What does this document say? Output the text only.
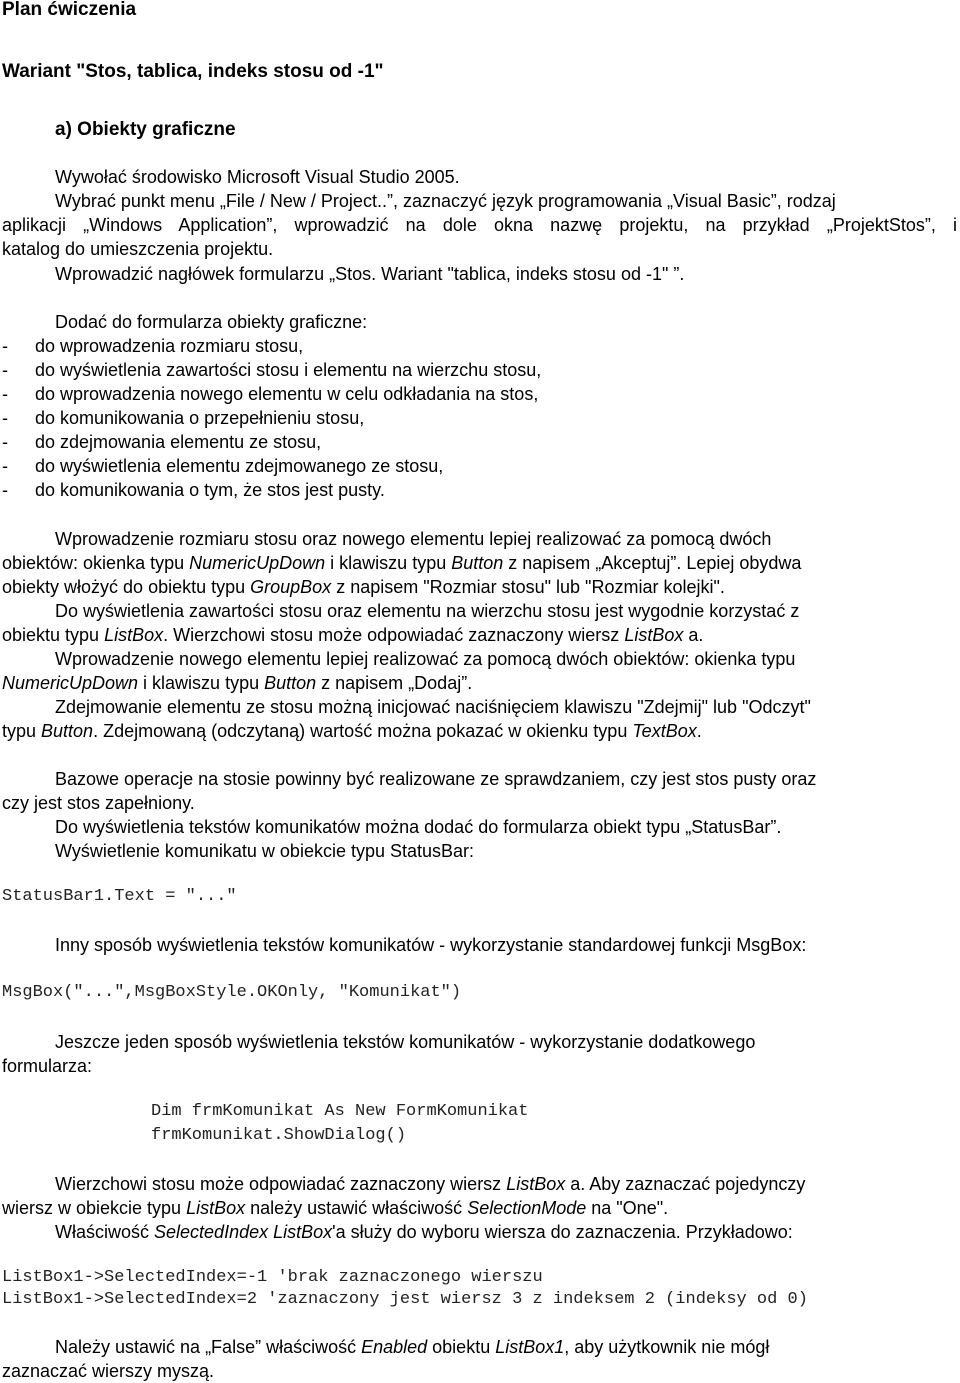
Plan ćwiczenia
Wariant "Stos, tablica, indeks stosu od -1"
a) Obiekty graficzne
Wywołać środowisko Microsoft Visual Studio 2005.
Wybrać punkt menu „File / New / Project..”, zaznaczyć język programowania „Visual Basic”, rodzaj
aplikacji „Windows Application”, wprowadzić na dole okna nazwę projektu, na przykład „ProjektStos”, i
katalog do umieszczenia projektu.
Wprowadzić nagłówek formularzu „Stos. Wariant "tablica, indeks stosu od -1" ”.
Dodać do formularza obiekty graficzne:
- do wprowadzenia rozmiaru stosu,
- do wyświetlenia zawartości stosu i elementu na wierzchu stosu,
- do wprowadzenia nowego elementu w celu odkładania na stos,
- do komunikowania o przepełnieniu stosu,
- do zdejmowania elementu ze stosu,
- do wyświetlenia elementu zdejmowanego ze stosu,
- do komunikowania o tym, że stos jest pusty.
Wprowadzenie rozmiaru stosu oraz nowego elementu lepiej realizować za pomocą dwóch
obiektów: okienka typu NumericUpDown i klawiszu typu Button z napisem „Akceptuj”. Lepiej obydwa
obiekty włożyć do obiektu typu GroupBox z napisem "Rozmiar stosu" lub "Rozmiar kolejki".
Do wyświetlenia zawartości stosu oraz elementu na wierzchu stosu jest wygodnie korzystać z
obiektu typu ListBox. Wierzchowi stosu może odpowiadać zaznaczony wiersz ListBox a.
Wprowadzenie nowego elementu lepiej realizować za pomocą dwóch obiektów: okienka typu
NumericUpDown i klawiszu typu Button z napisem „Dodaj”.
Zdejmowanie elementu ze stosu możną inicjować naciśnięciem klawiszu "Zdejmij" lub "Odczyt"
typu Button. Zdejmowaną (odczytaną) wartość można pokazać w okienku typu TextBox.
Bazowe operacje na stosie powinny być realizowane ze sprawdzaniem, czy jest stos pusty oraz
czy jest stos zapełniony.
Do wyświetlenia tekstów komunikatów można dodać do formularza obiekt typu „StatusBar”.
Wyświetlenie komunikatu w obiekcie typu StatusBar:
StatusBar1.Text = "..."
Inny sposób wyświetlenia tekstów komunikatów - wykorzystanie standardowej funkcji MsgBox:
MsgBox("...",MsgBoxStyle.OKOnly, "Komunikat")
Jeszcze jeden sposób wyświetlenia tekstów komunikatów - wykorzystanie dodatkowego
formularza:
Dim frmKomunikat As New FormKomunikat
frmKomunikat.ShowDialog()
Wierzchowi stosu może odpowiadać zaznaczony wiersz ListBox a. Aby zaznaczać pojedynczy
wiersz w obiekcie typu ListBox należy ustawić właściwość SelectionMode na "One".
Właściwość SelectedIndex ListBox'a służy do wyboru wiersza do zaznaczenia. Przykładowo:
ListBox1->SelectedIndex=-1 'brak zaznaczonego wierszu
ListBox1->SelectedIndex=2 'zaznaczony jest wiersz 3 z indeksem 2 (indeksy od 0)
Należy ustawić na „False” właściwość Enabled obiektu ListBox1, aby użytkownik nie mógł
zaznaczać wierszy myszą.
